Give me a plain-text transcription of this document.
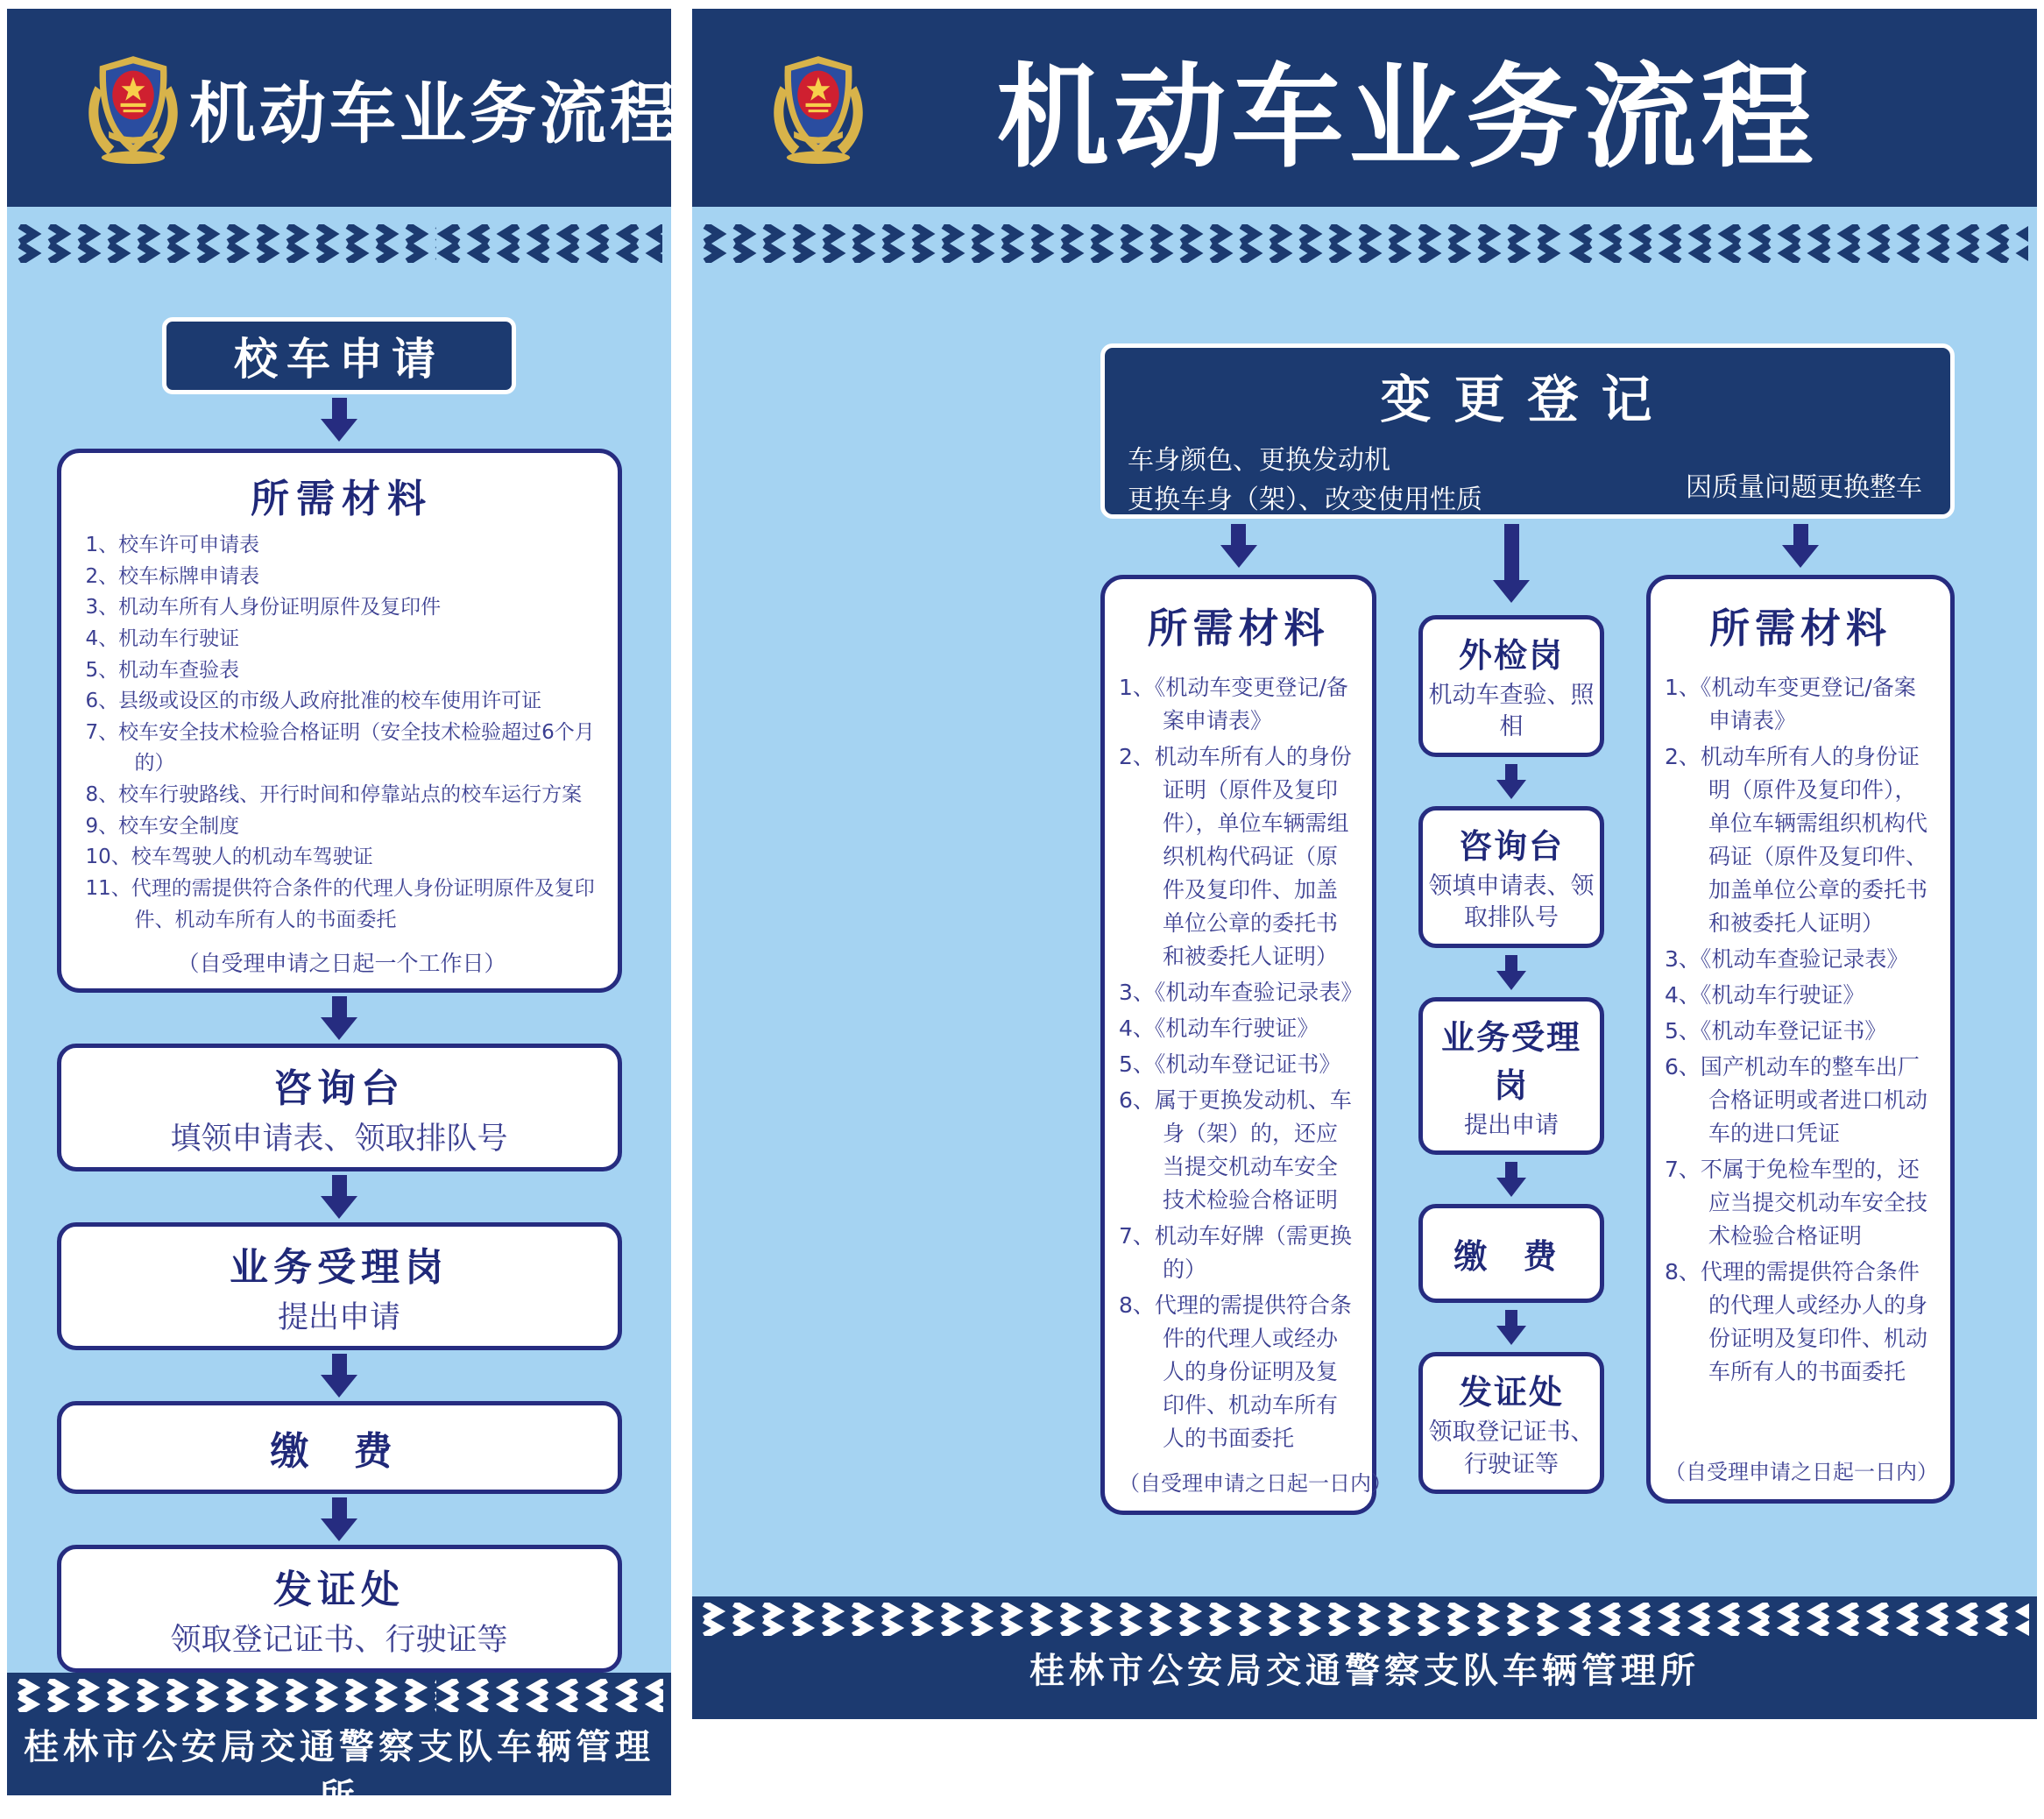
机动车业务流程
校车申请
所需材料
1、校车许可申请表
2、校车标牌申请表
3、机动车所有人身份证明原件及复印件
4、机动车行驶证
5、机动车查验表
6、县级或设区的市级人政府批准的校车使用许可证
7、校车安全技术检验合格证明（安全技术检验超过6个月的）
8、校车行驶路线、开行时间和停靠站点的校车运行方案
9、校车安全制度
10、校车驾驶人的机动车驾驶证
11、代理的需提供符合条件的代理人身份证明原件及复印件、机动车所有人的书面委托
（自受理申请之日起一个工作日）
咨询台
填领申请表、领取排队号
业务受理岗
提出申请
缴 费
发证处
领取登记证书、行驶证等
桂林市公安局交通警察支队车辆管理所
机动车业务流程
变更登记
车身颜色、更换发动机
更换车身（架）、改变使用性质	因质量问题更换整车
所需材料
1、《机动车变更登记/备案申请表》
2、机动车所有人的身份证明（原件及复印件），单位车辆需组织机构代码证（原件及复印件、加盖单位公章的委托书和被委托人证明）
3、《机动车查验记录表》
4、《机动车行驶证》
5、《机动车登记证书》
6、属于更换发动机、车身（架）的，还应当提交机动车安全技术检验合格证明
7、机动车好牌（需更换的）
8、代理的需提供符合条件的代理人或经办人的身份证明及复印件、机动车所有人的书面委托
（自受理申请之日起一日内）
外检岗
机动车查验、照相
咨询台
领填申请表、领取排队号
业务受理岗
提出申请
缴 费
发证处
领取登记证书、行驶证等
所需材料
1、《机动车变更登记/备案申请表》
2、机动车所有人的身份证明（原件及复印件），单位车辆需组织机构代码证（原件及复印件、加盖单位公章的委托书和被委托人证明）
3、《机动车查验记录表》
4、《机动车行驶证》
5、《机动车登记证书》
6、国产机动车的整车出厂合格证明或者进口机动车的进口凭证
7、不属于免检车型的，还应当提交机动车安全技术检验合格证明
8、代理的需提供符合条件的代理人或经办人的身份证明及复印件、机动车所有人的书面委托
（自受理申请之日起一日内）
桂林市公安局交通警察支队车辆管理所
